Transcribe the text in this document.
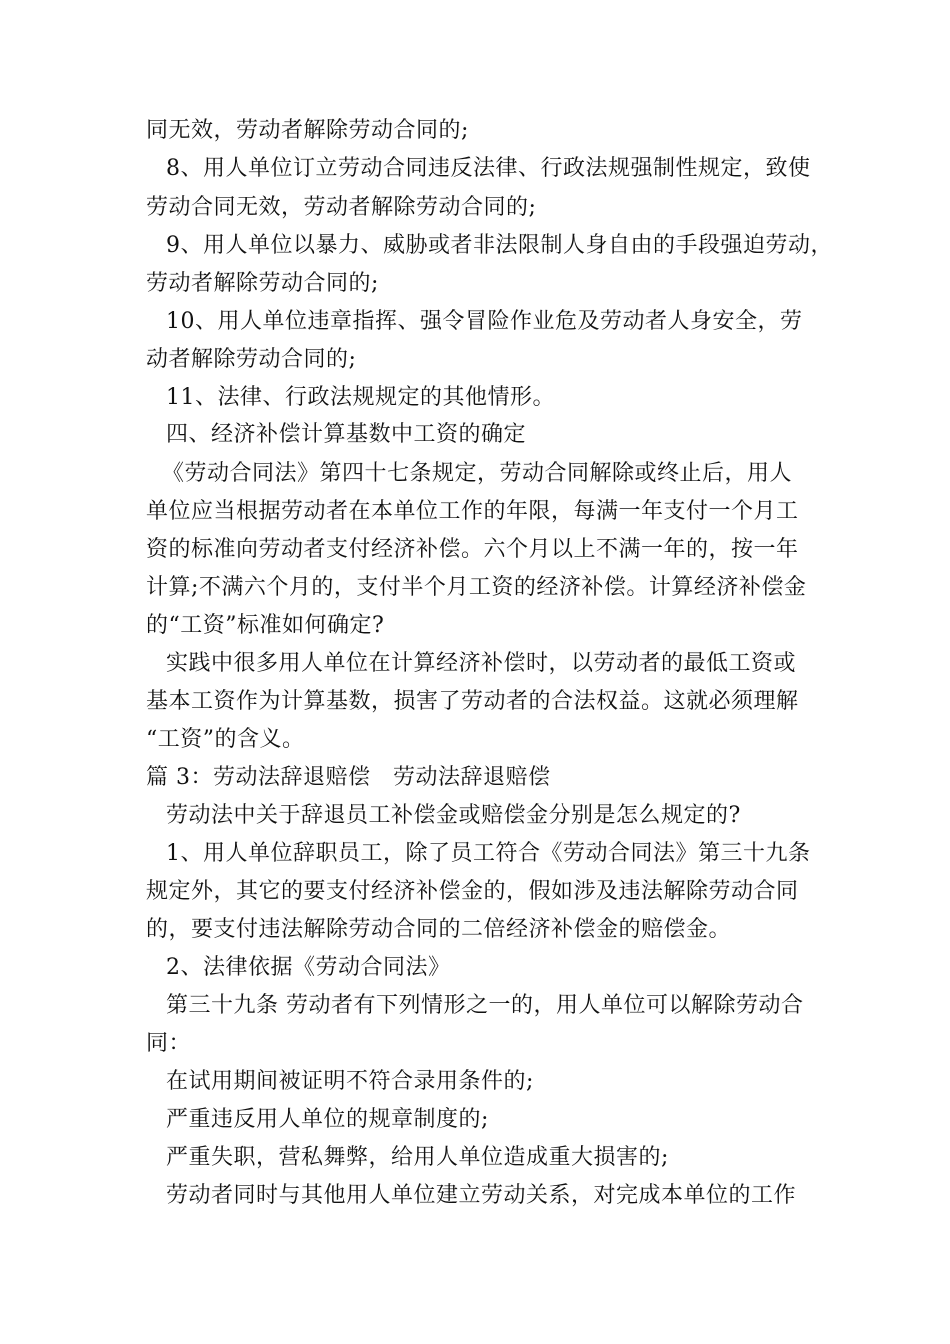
同无效，劳动者解除劳动合同的;
8、用人单位订立劳动合同违反法律、行政法规强制性规定，致使
劳动合同无效，劳动者解除劳动合同的;
9、用人单位以暴力、威胁或者非法限制人身自由的手段强迫劳动，
劳动者解除劳动合同的;
10、用人单位违章指挥、强令冒险作业危及劳动者人身安全，劳
动者解除劳动合同的;
11、法律、行政法规规定的其他情形。
四、经济补偿计算基数中工资的确定
《劳动合同法》第四十七条规定，劳动合同解除或终止后，用人
单位应当根据劳动者在本单位工作的年限，每满一年支付一个月工
资的标准向劳动者支付经济补偿。六个月以上不满一年的，按一年
计算;不满六个月的，支付半个月工资的经济补偿。计算经济补偿金
的“工资”标准如何确定?
实践中很多用人单位在计算经济补偿时，以劳动者的最低工资或
基本工资作为计算基数，损害了劳动者的合法权益。这就必须理解
“工资”的含义。
篇 3：劳动法辞退赔偿　劳动法辞退赔偿
劳动法中关于辞退员工补偿金或赔偿金分别是怎么规定的?
1、用人单位辞职员工，除了员工符合《劳动合同法》第三十九条
规定外，其它的要支付经济补偿金的，假如涉及违法解除劳动合同
的，要支付违法解除劳动合同的二倍经济补偿金的赔偿金。
2、法律依据《劳动合同法》
第三十九条 劳动者有下列情形之一的，用人单位可以解除劳动合
同：
在试用期间被证明不符合录用条件的;
严重违反用人单位的规章制度的;
严重失职，营私舞弊，给用人单位造成重大损害的;
劳动者同时与其他用人单位建立劳动关系，对完成本单位的工作
